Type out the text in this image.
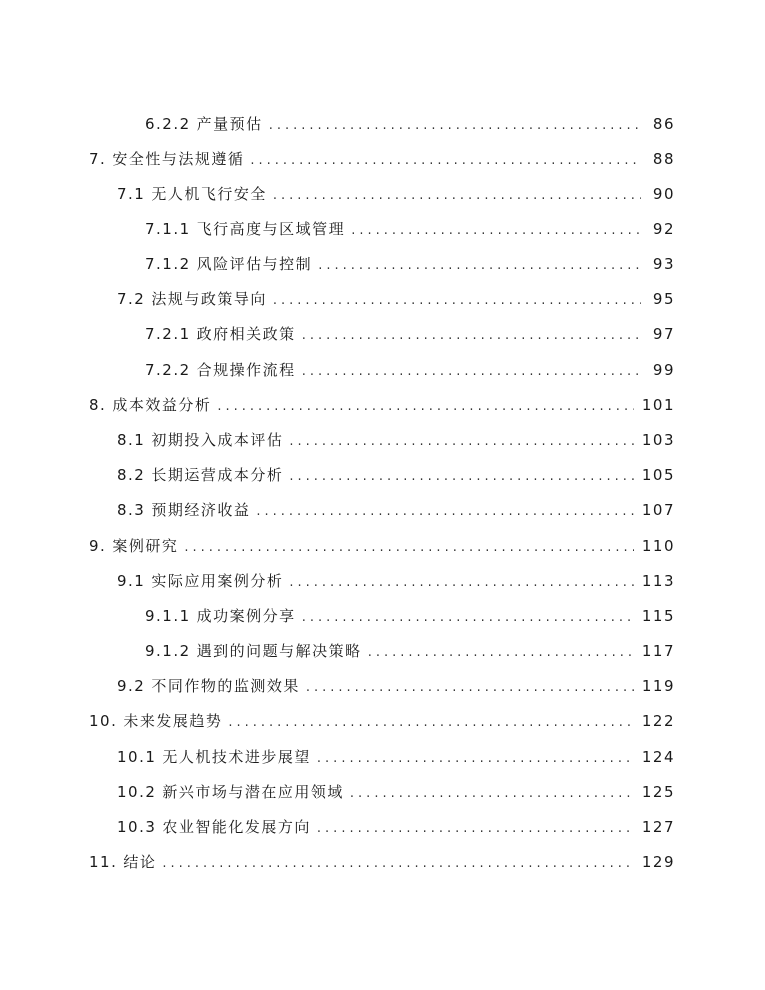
6.2.2 产量预估 .....	86
7. 安全性与法规遵循 .....	88
7.1 无人机飞行安全 .....	90
7.1.1 飞行高度与区域管理 .....	92
7.1.2 风险评估与控制 .....	93
7.2 法规与政策导向 .....	95
7.2.1 政府相关政策 .....	97
7.2.2 合规操作流程 .....	99
8. 成本效益分析 .....	101
8.1 初期投入成本评估 .....	103
8.2 长期运营成本分析 .....	105
8.3 预期经济收益 .....	107
9. 案例研究 .....	110
9.1 实际应用案例分析 .....	113
9.1.1 成功案例分享 .....	115
9.1.2 遇到的问题与解决策略 .....	117
9.2 不同作物的监测效果 .....	119
10. 未来发展趋势 .....	122
10.1 无人机技术进步展望 .....	124
10.2 新兴市场与潜在应用领域 .....	125
10.3 农业智能化发展方向 .....	127
11. 结论 .....	129
